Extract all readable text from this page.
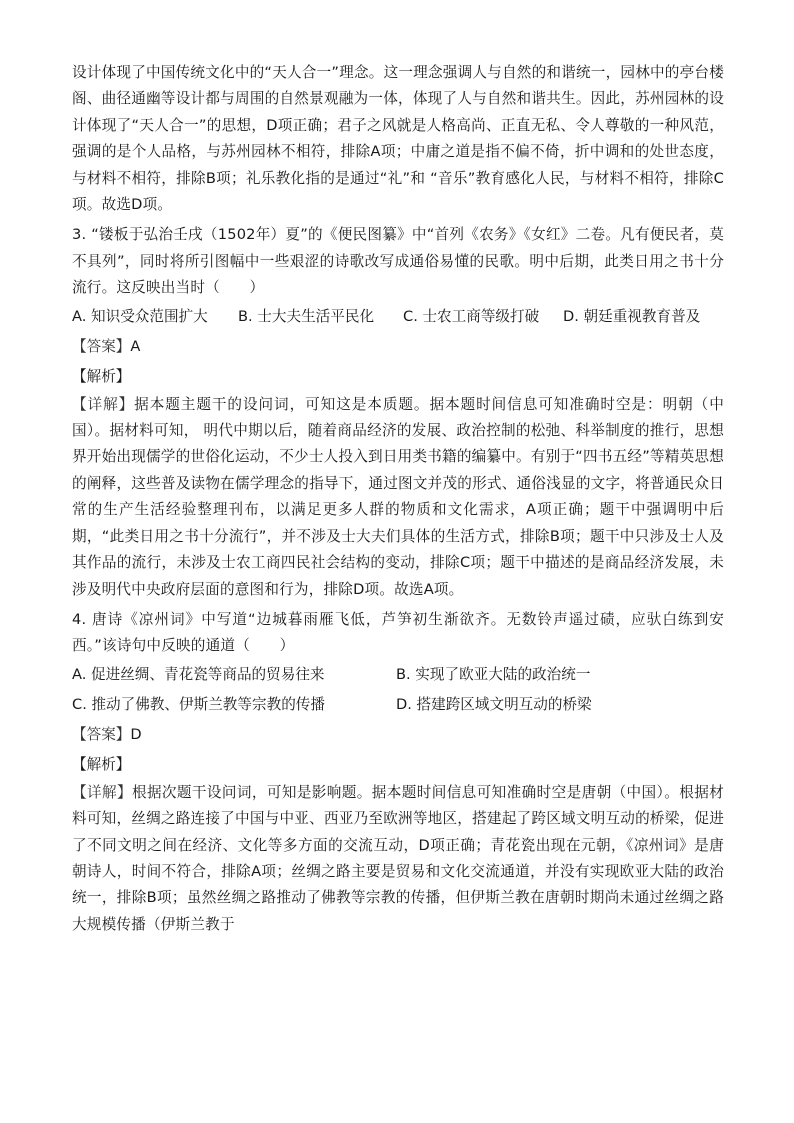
设计体现了中国传统文化中的“天人合一”理念。这一理念强调人与自然的和谐统一，园林中的亭台楼阁、曲径通幽等设计都与周围的自然景观融为一体，体现了人与自然和谐共生。因此，苏州园林的设计体现了“天人合一”的思想，D项正确；君子之风就是人格高尚、正直无私、令人尊敬的一种风范，强调的是个人品格，与苏州园林不相符，排除A项；中庸之道是指不偏不倚，折中调和的处世态度，与材料不相符，排除B项；礼乐教化指的是通过“礼”和 “音乐”教育感化人民，与材料不相符，排除C项。故选D项。

3. “镂板于弘治壬戌（1502年）夏”的《便民图纂》中“首列《农务》《女红》二卷。凡有便民者，莫不具列”，同时将所引图幅中一些艰涩的诗歌改写成通俗易懂的民歌。明中后期，此类日用之书十分流行。这反映出当时（　　）

A. 知识受众范围扩大	B. 士大夫生活平民化	C. 士农工商等级打破	D. 朝廷重视教育普及

【答案】A

【解析】

【详解】据本题主题干的设问词，可知这是本质题。据本题时间信息可知准确时空是：明朝（中国）。据材料可知， 明代中期以后，随着商品经济的发展、政治控制的松弛、科举制度的推行，思想界开始出现儒学的世俗化运动，不少士人投入到日用类书籍的编纂中。有别于“四书五经”等精英思想的阐释，这些普及读物在儒学理念的指导下，通过图文并茂的形式、通俗浅显的文字，将普通民众日常的生产生活经验整理刊布，以满足更多人群的物质和文化需求，A项正确；题干中强调明中后期，“此类日用之书十分流行”，并不涉及士大夫们具体的生活方式，排除B项；题干中只涉及士人及其作品的流行，未涉及士农工商四民社会结构的变动，排除C项；题干中描述的是商品经济发展，未涉及明代中央政府层面的意图和行为，排除D项。故选A项。

4. 唐诗《凉州词》中写道“边城暮雨雁飞低，芦笋初生渐欲齐。无数铃声遥过碛，应驮白练到安西。”该诗句中反映的通道（　　）

A. 促进丝绸、青花瓷等商品的贸易往来	B. 实现了欧亚大陆的政治统一
C. 推动了佛教、伊斯兰教等宗教的传播	D. 搭建跨区域文明互动的桥梁

【答案】D

【解析】

【详解】根据次题干设问词，可知是影响题。据本题时间信息可知准确时空是唐朝（中国）。根据材料可知，丝绸之路连接了中国与中亚、西亚乃至欧洲等地区，搭建起了跨区域文明互动的桥梁，促进了不同文明之间在经济、文化等多方面的交流互动，D项正确；青花瓷出现在元朝，《凉州词》是唐朝诗人，时间不符合，排除A项；丝绸之路主要是贸易和文化交流通道，并没有实现欧亚大陆的政治统一，排除B项；虽然丝绸之路推动了佛教等宗教的传播，但伊斯兰教在唐朝时期尚未通过丝绸之路大规模传播（伊斯兰教于
